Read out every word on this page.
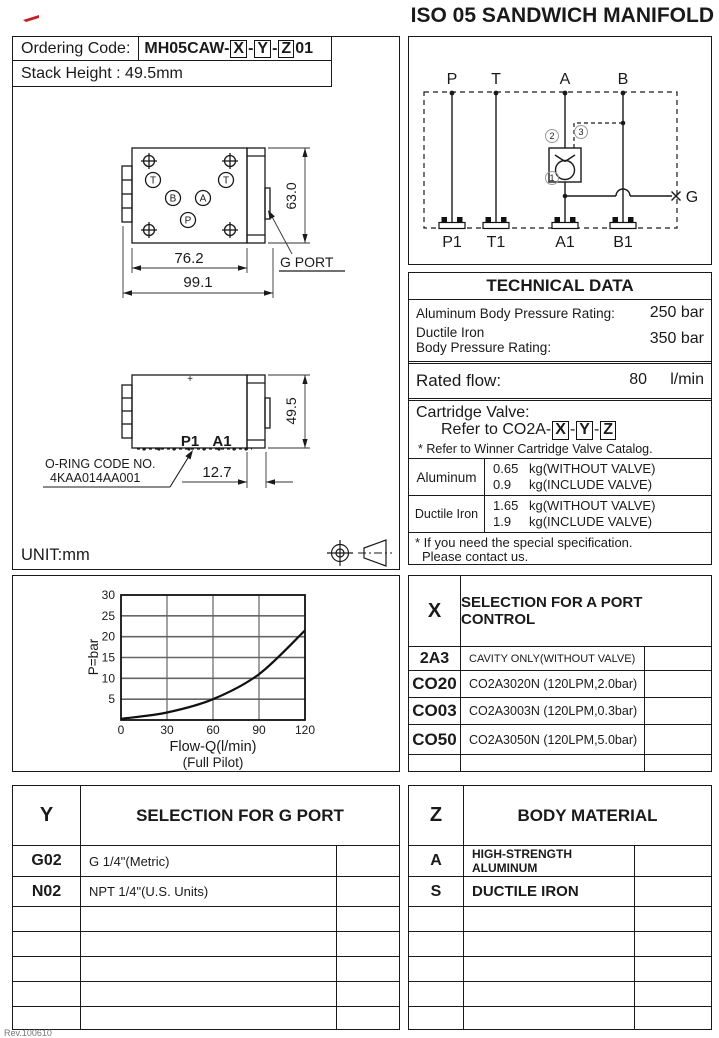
ISO 05 SANDWICH MANIFOLD
Ordering Code: MH05CAW- X - Y - Z 01
Stack Height : 49.5mm
T	T
B A
P
76.2
99.1
63.0
G PORT
+
P1 A1
O-RING CODE NO.
4KAA014AA001	12.7
49.5
UNIT:mm
P=bar
Flow-Q(l/min)
(Full Pilot)
0	30	60	90 120
5
10
15
20
25
30
2	3
1
P T	A	B
P1 T1	A1 B1
G
TECHNICAL DATA
Aluminum Body Pressure Rating: 250 bar
Ductile Iron
Body Pressure Rating:
350 bar
Rated flow:	80 l/min
Cartridge Valve:
Refer to CO2A- X - Y - Z
* Refer to Winner Cartridge Valve Catalog.
Aluminum
0.65 kg(WITHOUT VALVE)
0.9 kg(INCLUDE VALVE)
Ductile Iron
1.65 kg(WITHOUT VALVE)
1.9 kg(INCLUDE VALVE)
* If you need the special specification.
Please contact us.
X	SELECTION FOR A PORT CONTROL
2A3	CAVITY ONLY(WITHOUT VALVE)
CO20 CO2A3020N (120LPM,2.0bar)
CO03 CO2A3003N (120LPM,0.3bar)
CO50 CO2A3050N (120LPM,5.0bar)
Y	SELECTION FOR G PORT
G02	G 1/4"(Metric)
N02	NPT 1/4"(U.S. Units)
Z	BODY MATERIAL
A	HIGH-STRENGTH ALUMINUM
S	DUCTILE IRON
Rev.100610
